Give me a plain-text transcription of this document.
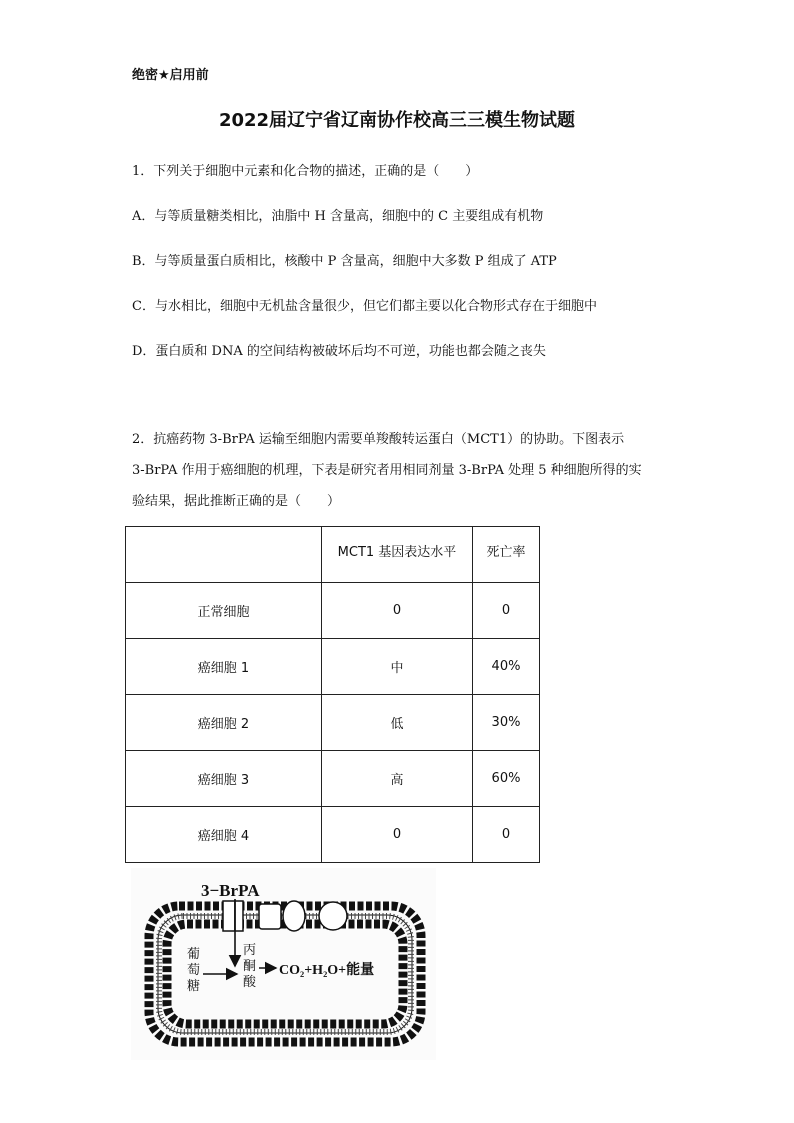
绝密★启用前
2022届辽宁省辽南协作校高三三模生物试题
1．下列关于细胞中元素和化合物的描述，正确的是（　　）
A．与等质量糖类相比，油脂中 H 含量高，细胞中的 C 主要组成有机物
B．与等质量蛋白质相比，核酸中 P 含量高，细胞中大多数 P 组成了 ATP
C．与水相比，细胞中无机盐含量很少，但它们都主要以化合物形式存在于细胞中
D．蛋白质和 DNA 的空间结构被破坏后均不可逆，功能也都会随之丧失
2．抗癌药物 3-BrPA 运输至细胞内需要单羧酸转运蛋白（MCT1）的协助。下图表示
3-BrPA 作用于癌细胞的机理，下表是研究者用相同剂量 3-BrPA 处理 5 种细胞所得的实
验结果，据此推断正确的是（　　）
	MCT1 基因表达水平	死亡率
正常细胞	0	0
癌细胞 1	中	40%
癌细胞 2	低	30%
癌细胞 3	高	60%
癌细胞 4	0	0
3−BrPA
葡
萄
糖
丙
酮
酸
CO₂+H₂O+能量
